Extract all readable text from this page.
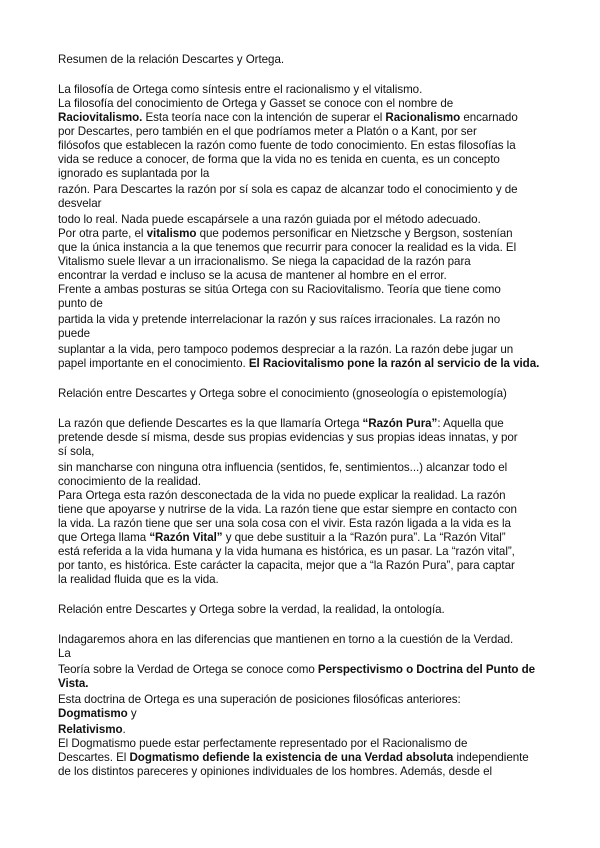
Resumen de la relación Descartes y Ortega.
La filosofía de Ortega como síntesis entre el racionalismo y el vitalismo.
La filosofía del conocimiento de Ortega y Gasset se conoce con el nombre de
Raciovitalismo. Esta teoría nace con la intención de superar el Racionalismo encarnado
por Descartes, pero también en el que podríamos meter a Platón o a Kant, por ser
filósofos que establecen la razón como fuente de todo conocimiento. En estas filosofías la
vida se reduce a conocer, de forma que la vida no es tenida en cuenta, es un concepto
ignorado es suplantada por la
razón. Para Descartes la razón por sí sola es capaz de alcanzar todo el conocimiento y de
desvelar
todo lo real. Nada puede escapársele a una razón guiada por el método adecuado.
Por otra parte, el vitalismo que podemos personificar en Nietzsche y Bergson, sostenían
que la única instancia a la que tenemos que recurrir para conocer la realidad es la vida. El
Vitalismo suele llevar a un irracionalismo. Se niega la capacidad de la razón para
encontrar la verdad e incluso se la acusa de mantener al hombre en el error.
Frente a ambas posturas se sitúa Ortega con su Raciovitalismo. Teoría que tiene como
punto de
partida la vida y pretende interrelacionar la razón y sus raíces irracionales. La razón no
puede
suplantar a la vida, pero tampoco podemos despreciar a la razón. La razón debe jugar un
papel importante en el conocimiento. El Raciovitalismo pone la razón al servicio de la vida.
Relación entre Descartes y Ortega sobre el conocimiento (gnoseología o epistemología)
La razón que defiende Descartes es la que llamaría Ortega “Razón Pura”: Aquella que
pretende desde sí misma, desde sus propias evidencias y sus propias ideas innatas, y por
sí sola,
sin mancharse con ninguna otra influencia (sentidos, fe, sentimientos...) alcanzar todo el
conocimiento de la realidad.
Para Ortega esta razón desconectada de la vida no puede explicar la realidad. La razón
tiene que apoyarse y nutrirse de la vida. La razón tiene que estar siempre en contacto con
la vida. La razón tiene que ser una sola cosa con el vivir. Esta razón ligada a la vida es la
que Ortega llama “Razón Vital” y que debe sustituir a la “Razón pura”. La “Razón Vital”
está referida a la vida humana y la vida humana es histórica, es un pasar. La “razón vital”,
por tanto, es histórica. Este carácter la capacita, mejor que a “la Razón Pura”, para captar
la realidad fluida que es la vida.
Relación entre Descartes y Ortega sobre la verdad, la realidad, la ontología.
Indagaremos ahora en las diferencias que mantienen en torno a la cuestión de la Verdad.
La
Teoría sobre la Verdad de Ortega se conoce como Perspectivismo o Doctrina del Punto de
Vista.
Esta doctrina de Ortega es una superación de posiciones filosóficas anteriores:
Dogmatismo y
Relativismo.
El Dogmatismo puede estar perfectamente representado por el Racionalismo de
Descartes. El Dogmatismo defiende la existencia de una Verdad absoluta independiente
de los distintos pareceres y opiniones individuales de los hombres. Además, desde el
